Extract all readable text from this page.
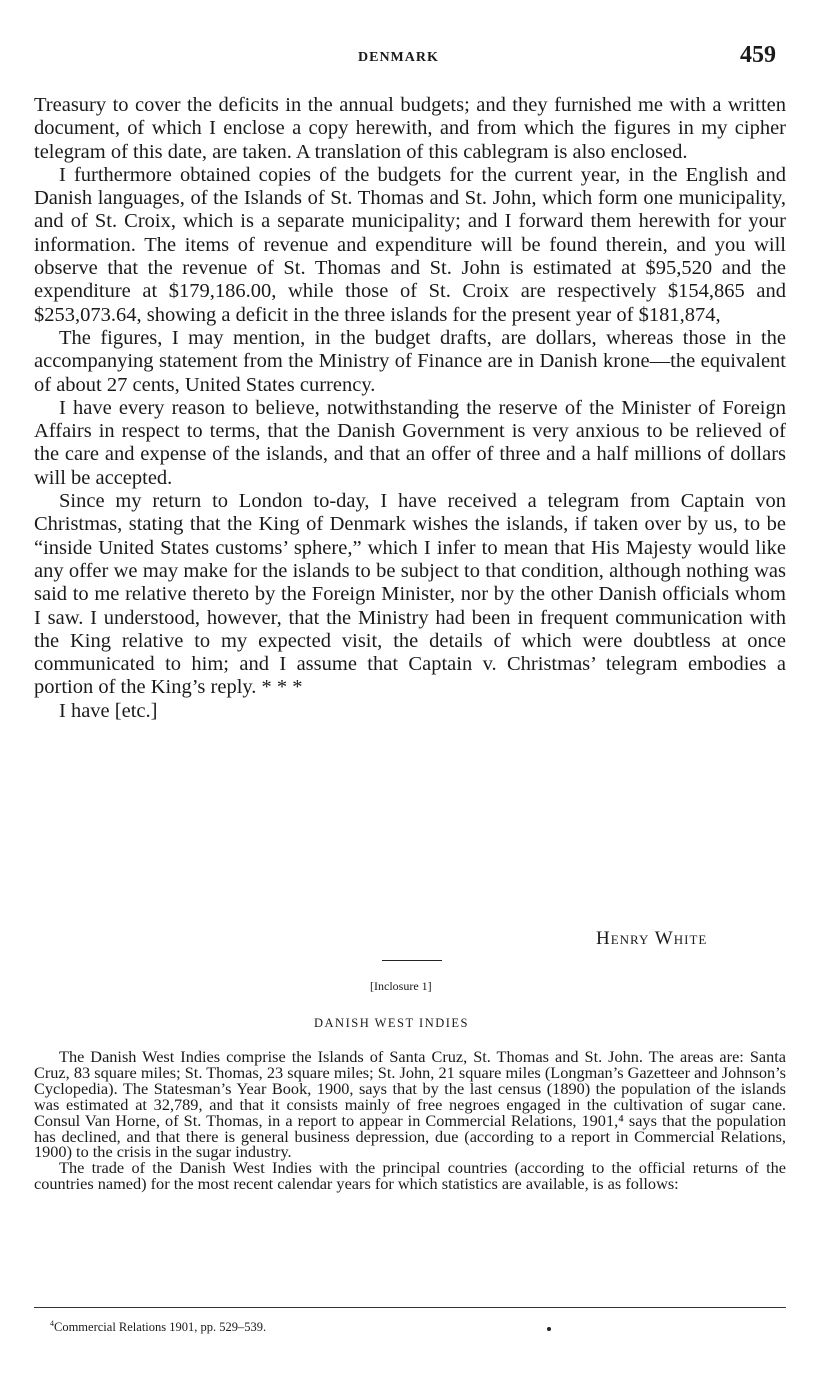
DENMARK	459

Treasury to cover the deficits in the annual budgets; and they furnished me with a written document, of which I enclose a copy herewith, and from which the figures in my cipher telegram of this date, are taken. A translation of this cablegram is also enclosed.

I furthermore obtained copies of the budgets for the current year, in the English and Danish languages, of the Islands of St. Thomas and St. John, which form one municipality, and of St. Croix, which is a separate municipality; and I forward them herewith for your information. The items of revenue and expenditure will be found therein, and you will observe that the revenue of St. Thomas and St. John is estimated at $95,520 and the expenditure at $179,186.00, while those of St. Croix are respectively $154,865 and $253,073.64, showing a deficit in the three islands for the present year of $181,874,

The figures, I may mention, in the budget drafts, are dollars, whereas those in the accompanying statement from the Ministry of Finance are in Danish krone—the equivalent of about 27 cents, United States currency.

I have every reason to believe, notwithstanding the reserve of the Minister of Foreign Affairs in respect to terms, that the Danish Government is very anxious to be relieved of the care and expense of the islands, and that an offer of three and a half millions of dollars will be accepted.

Since my return to London to-day, I have received a telegram from Captain von Christmas, stating that the King of Denmark wishes the islands, if taken over by us, to be “inside United States customs’ sphere,” which I infer to mean that His Majesty would like any offer we may make for the islands to be subject to that condition, although nothing was said to me relative thereto by the Foreign Minister, nor by the other Danish officials whom I saw. I understood, however, that the Ministry had been in frequent communication with the King relative to my expected visit, the details of which were doubtless at once communicated to him; and I assume that Captain v. Christmas’ telegram embodies a portion of the King’s reply. * * *

I have [etc.]

Henry White
[Inclosure 1]
DANISH WEST INDIES

The Danish West Indies comprise the Islands of Santa Cruz, St. Thomas and St. John. The areas are: Santa Cruz, 83 square miles; St. Thomas, 23 square miles; St. John, 21 square miles (Longman’s Gazetteer and Johnson’s Cyclopedia). The Statesman’s Year Book, 1900, says that by the last census (1890) the population of the islands was estimated at 32,789, and that it consists mainly of free negroes engaged in the cultivation of sugar cane. Consul Van Horne, of St. Thomas, in a report to appear in Commercial Relations, 1901,⁴ says that the population has declined, and that there is general business depression, due (according to a report in Commercial Relations, 1900) to the crisis in the sugar industry.

The trade of the Danish West Indies with the principal countries (according to the official returns of the countries named) for the most recent calendar years for which statistics are available, is as follows:

$^4$Commercial Relations 1901, pp. 529–539.
